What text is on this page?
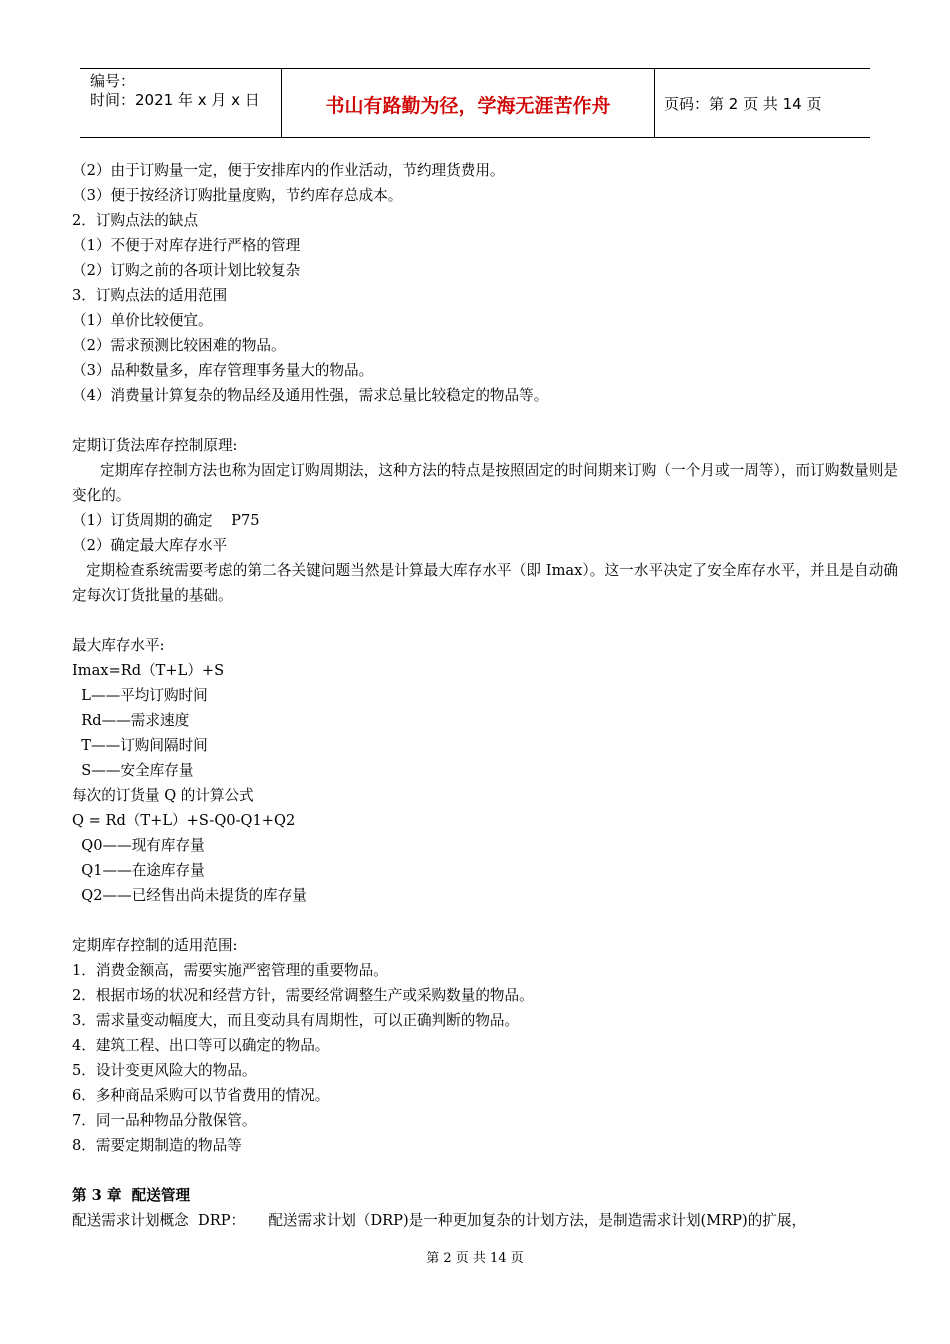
编号：
时间：2021 年 x 月 x 日	书山有路勤为径，学海无涯苦作舟	页码：第 2 页 共 14 页
（2）由于订购量一定，便于安排库内的作业活动，节约理货费用。
（3）便于按经济订购批量度购，节约库存总成本。
2．订购点法的缺点
（1）不便于对库存进行严格的管理
（2）订购之前的各项计划比较复杂
3．订购点法的适用范围
（1）单价比较便宜。
（2）需求预测比较困难的物品。
（3）品种数量多，库存管理事务量大的物品。
（4）消费量计算复杂的物品经及通用性强，需求总量比较稳定的物品等。
定期订货法库存控制原理:
定期库存控制方法也称为固定订购周期法，这种方法的特点是按照固定的时间期来订购（一个月或一周等），而订购数量则是变化的。
（1）订货周期的确定    P75
（2）确定最大库存水平
定期检查系统需要考虑的第二各关键问题当然是计算最大库存水平（即 Imax）。这一水平决定了安全库存水平，并且是自动确定每次订货批量的基础。
最大库存水平:
Imax=Rd（T+L）+S
L——平均订购时间
Rd——需求速度
T——订购间隔时间
S——安全库存量
每次的订货量 Q 的计算公式
Q = Rd（T+L）+S-Q0-Q1+Q2
Q0——现有库存量
Q1——在途库存量
Q2——已经售出尚未提货的库存量
定期库存控制的适用范围:
1．消费金额高，需要实施严密管理的重要物品。
2．根据市场的状况和经营方针，需要经常调整生产或采购数量的物品。
3．需求量变动幅度大，而且变动具有周期性，可以正确判断的物品。
4．建筑工程、出口等可以确定的物品。
5．设计变更风险大的物品。
6．多种商品采购可以节省费用的情况。
7．同一品种物品分散保管。
8．需要定期制造的物品等
第 3 章  配送管理
配送需求计划概念  DRP：     配送需求计划（DRP)是一种更加复杂的计划方法，是制造需求计划(MRP)的扩展，
第 2 页 共 14 页
